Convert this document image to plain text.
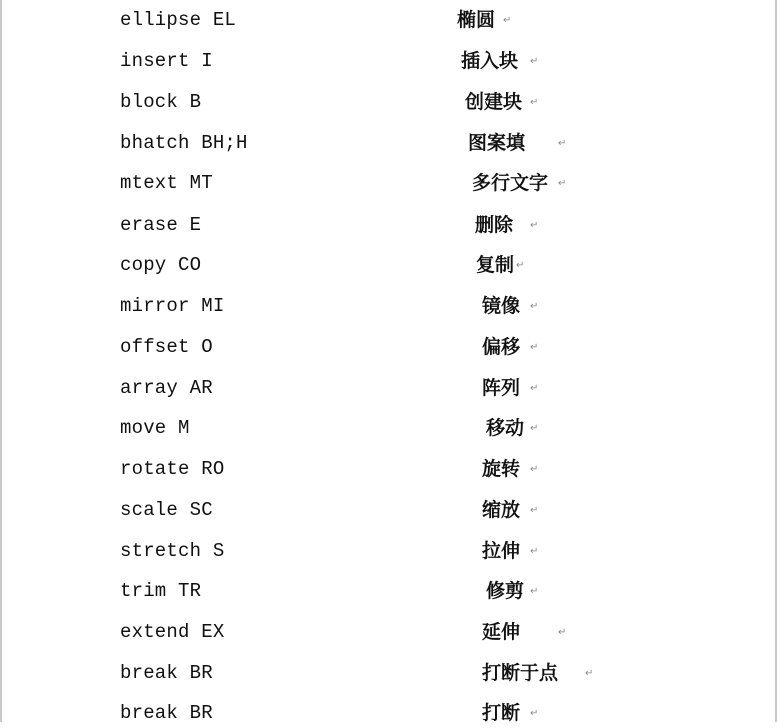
ellipse EL	椭圆 ↵
insert I	插入块 ↵
block B	创建块 ↵
bhatch BH;H	图案填	↵
mtext MT	多行文字 ↵
erase E	删除 ↵
copy CO	复制 ↵
mirror MI	镜像 ↵
offset O	偏移 ↵
array AR	阵列 ↵
move M	移动 ↵
rotate RO	旋转 ↵
scale SC	缩放 ↵
stretch S	拉伸 ↵
trim TR	修剪 ↵
extend EX	延伸	↵
break BR	打断于点	↵
break BR	打断 ↵
